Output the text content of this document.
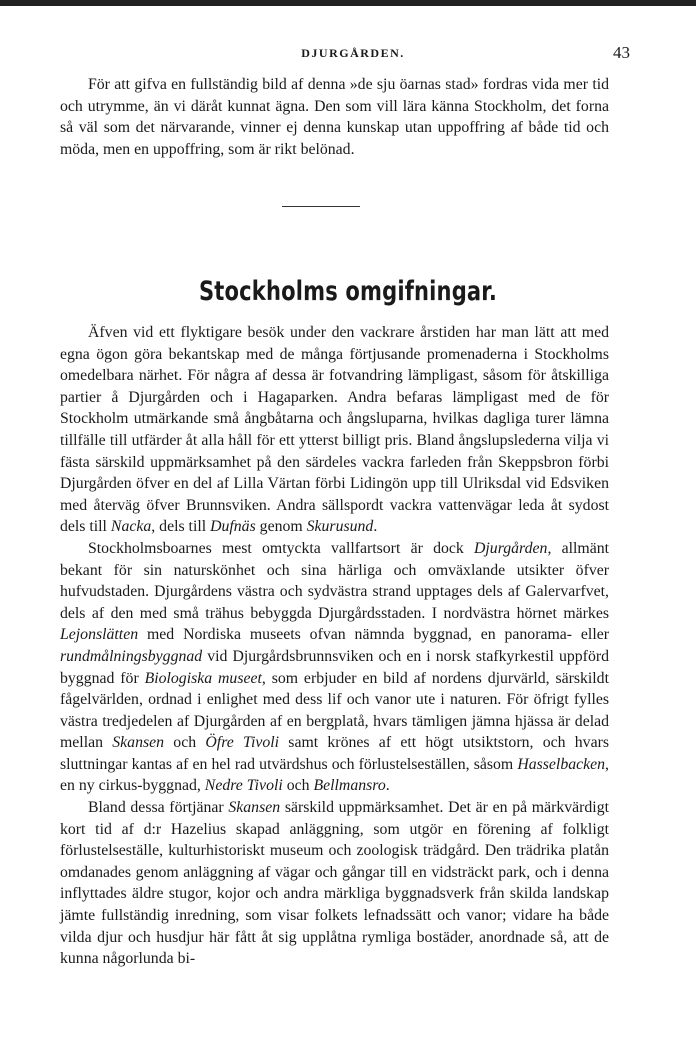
DJURGÅRDEN.	43

För att gifva en fullständig bild af denna »de sju öarnas stad» fordras vida mer tid och utrymme, än vi däråt kunnat ägna. Den som vill lära känna Stockholm, det forna så väl som det närvarande, vinner ej denna kunskap utan uppoffring af både tid och möda, men en uppoffring, som är rikt belönad.

Stockholms omgifningar.

Äfven vid ett flyktigare besök under den vackrare årstiden har man lätt att med egna ögon göra bekantskap med de många förtjusande promenaderna i Stockholms omedelbara närhet. För några af dessa är fotvandring lämpligast, såsom för åtskilliga partier å Djurgården och i Hagaparken. Andra befaras lämpligast med de för Stockholm utmärkande små ångbåtarna och ångsluparna, hvilkas dagliga turer lämna tillfälle till utfärder åt alla håll för ett ytterst billigt pris. Bland ångslupslederna vilja vi fästa särskild uppmärksamhet på den särdeles vackra farleden från Skeppsbron förbi Djurgården öfver en del af Lilla Värtan förbi Lidingön upp till Ulriksdal vid Edsviken med återväg öfver Brunnsviken. Andra sällspordt vackra vattenvägar leda åt sydost dels till Nacka, dels till Dufnäs genom Skurusund.

Stockholmsboarnes mest omtyckta vallfartsort är dock Djurgården, allmänt bekant för sin naturskönhet och sina härliga och omväxlande utsikter öfver hufvudstaden. Djurgårdens västra och sydvästra strand upptages dels af Galervarfvet, dels af den med små trähus bebyggda Djurgårdsstaden. I nordvästra hörnet märkes Lejonslätten med Nordiska museets ofvan nämnda byggnad, en panorama- eller rundmålningsbyggnad vid Djurgårdsbrunnsviken och en i norsk stafkyrkestil uppförd byggnad för Biologiska museet, som erbjuder en bild af nordens djurvärld, särskildt fågelvärlden, ordnad i enlighet med dess lif och vanor ute i naturen. För öfrigt fylles västra tredjedelen af Djurgården af en bergplatå, hvars tämligen jämna hjässa är delad mellan Skansen och Öfre Tivoli samt krönes af ett högt utsiktstorn, och hvars sluttningar kantas af en hel rad utvärdshus och förlustelseställen, såsom Hasselbacken, en ny cirkus-byggnad, Nedre Tivoli och Bellmansro.

Bland dessa förtjänar Skansen särskild uppmärksamhet. Det är en på märkvärdigt kort tid af d:r Hazelius skapad anläggning, som utgör en förening af folkligt förlustelseställe, kulturhistoriskt museum och zoologisk trädgård. Den trädrika platån omdanades genom anläggning af vägar och gångar till en vidsträckt park, och i denna inflyttades äldre stugor, kojor och andra märkliga byggnadsverk från skilda landskap jämte fullständig inredning, som visar folkets lefnadssätt och vanor; vidare ha både vilda djur och husdjur här fått åt sig upplåtna rymliga bostäder, anordnade så, att de kunna någorlunda bi-
